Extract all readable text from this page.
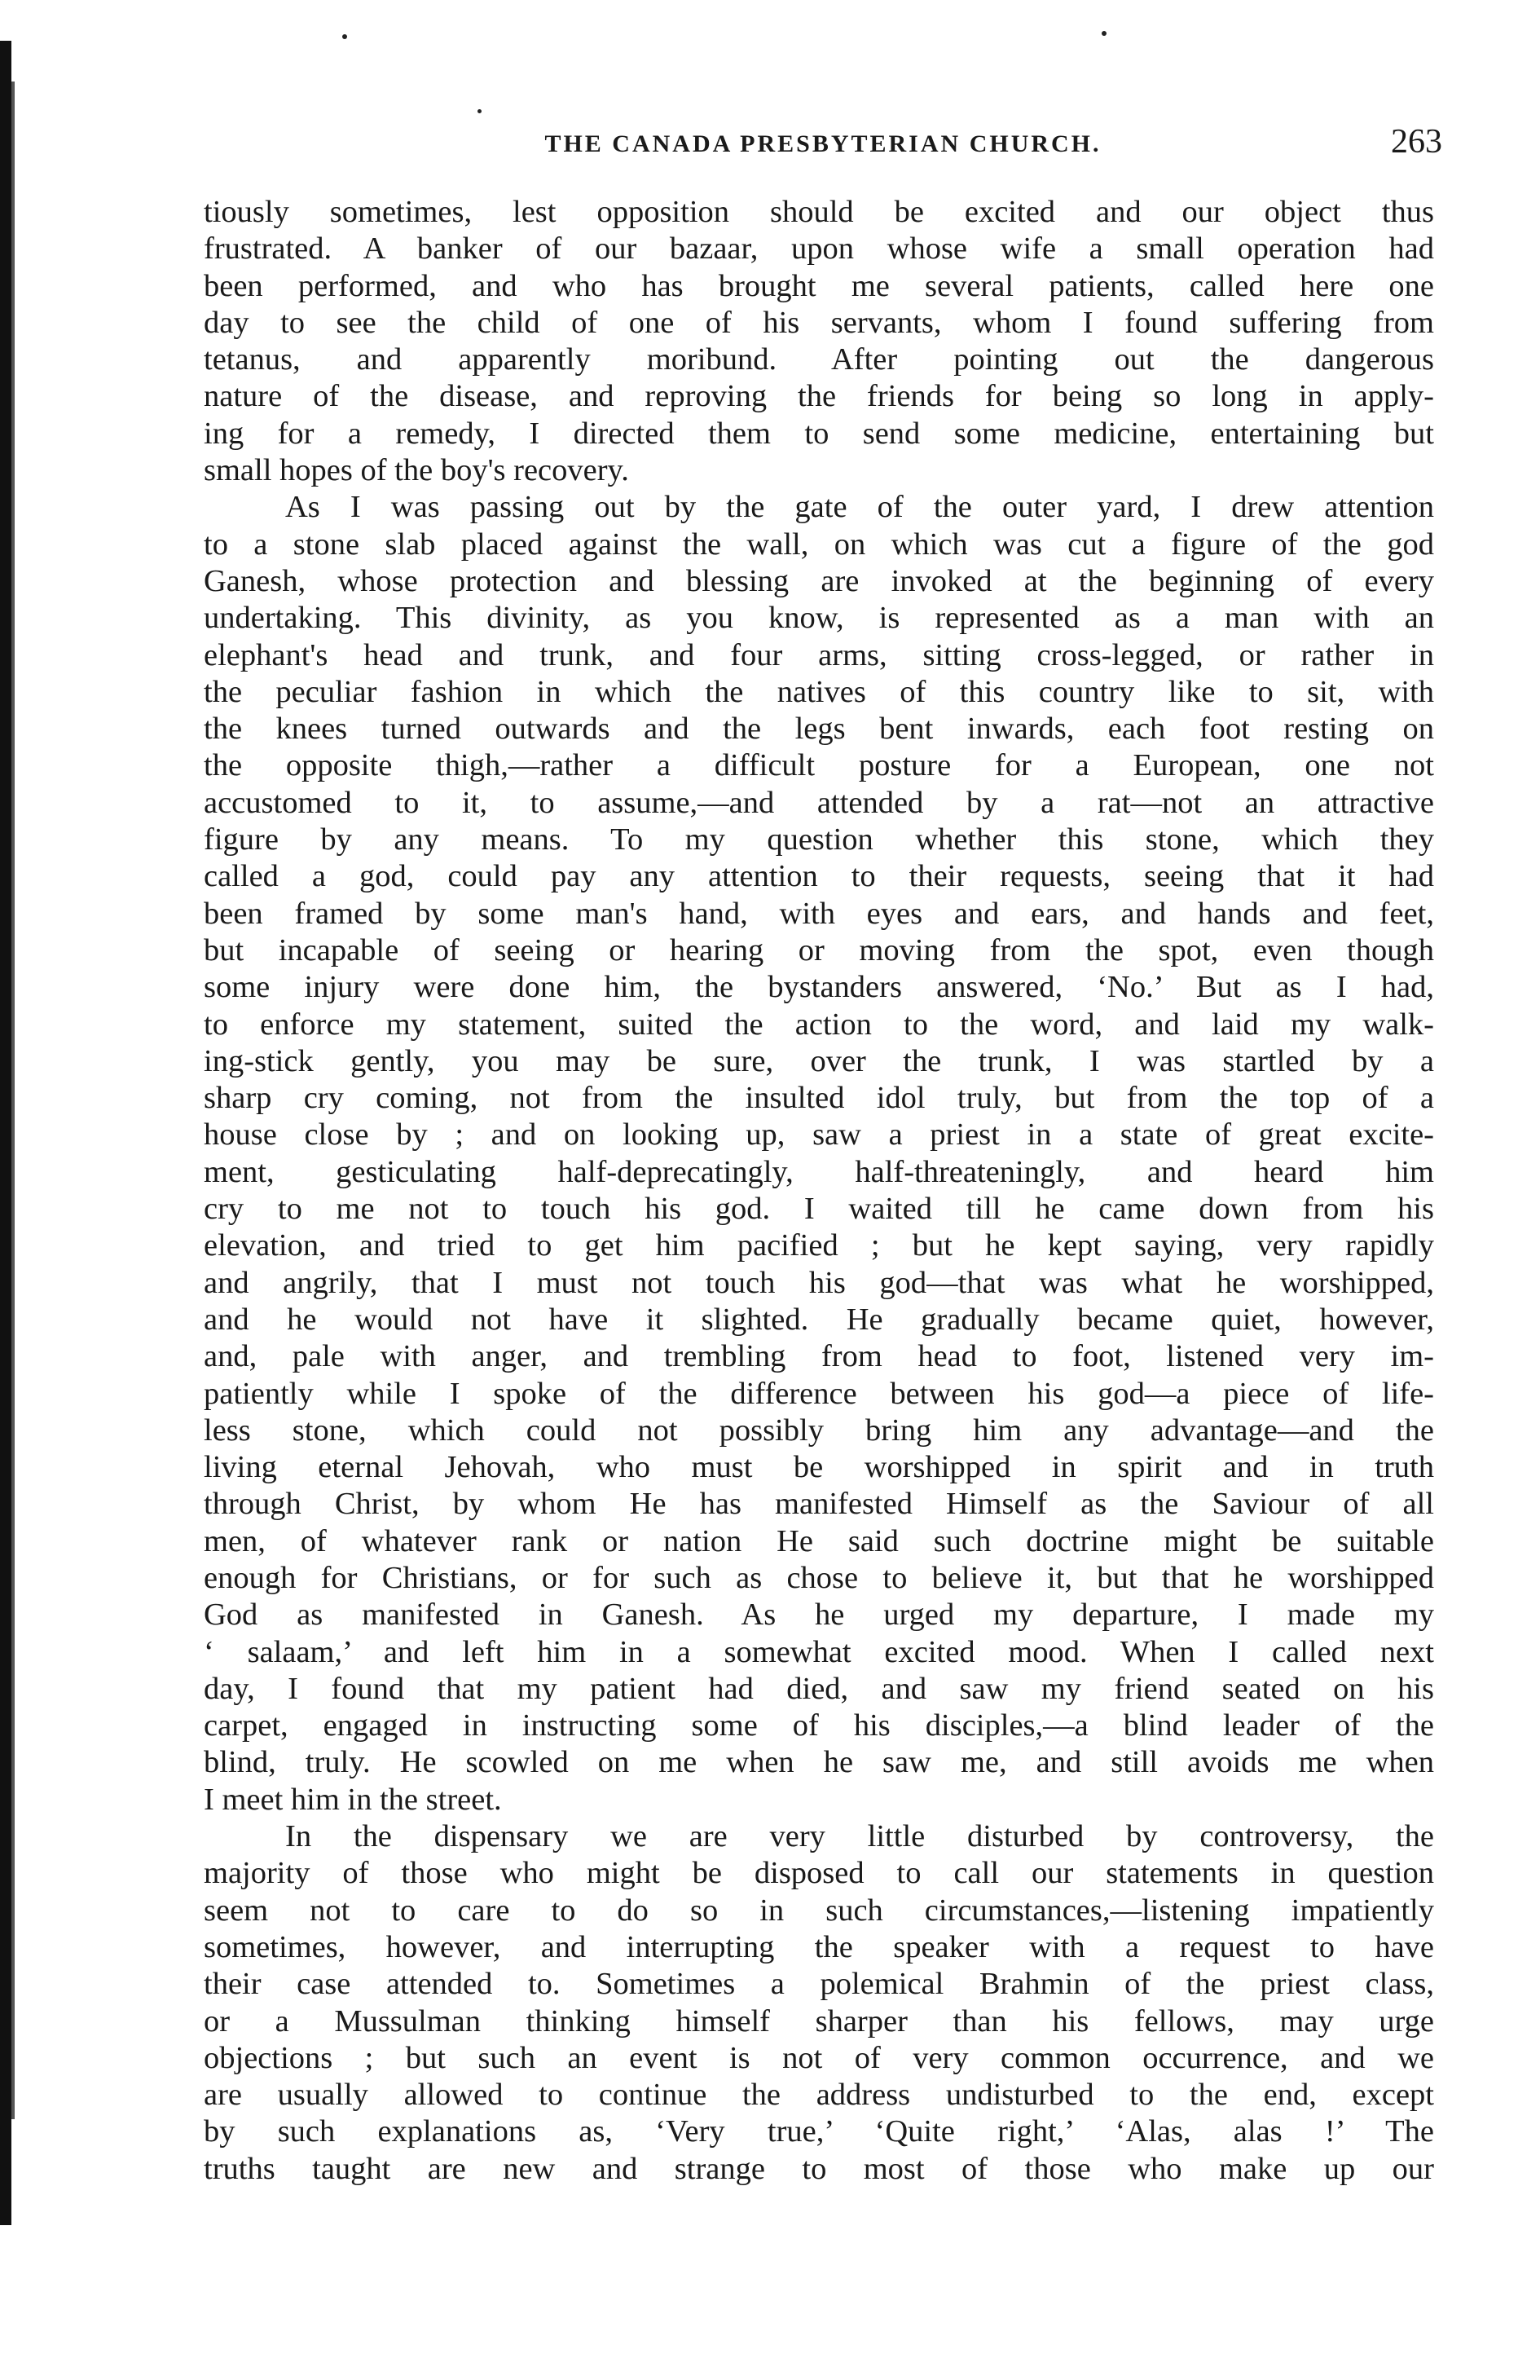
THE CANADA PRESBYTERIAN CHURCH.	263
tiously sometimes, lest opposition should be excited and our object thus
frustrated. A banker of our bazaar, upon whose wife a small operation had
been performed, and who has brought me several patients, called here one
day to see the child of one of his servants, whom I found suffering from
tetanus, and apparently moribund. After pointing out the dangerous
nature of the disease, and reproving the friends for being so long in apply-
ing for a remedy, I directed them to send some medicine, entertaining but
small hopes of the boy's recovery.
As I was passing out by the gate of the outer yard, I drew attention
to a stone slab placed against the wall, on which was cut a figure of the god
Ganesh, whose protection and blessing are invoked at the beginning of every
undertaking. This divinity, as you know, is represented as a man with an
elephant's head and trunk, and four arms, sitting cross-legged, or rather in
the peculiar fashion in which the natives of this country like to sit, with
the knees turned outwards and the legs bent inwards, each foot resting on
the opposite thigh,—rather a difficult posture for a European, one not
accustomed to it, to assume,—and attended by a rat—not an attractive
figure by any means. To my question whether this stone, which they
called a god, could pay any attention to their requests, seeing that it had
been framed by some man's hand, with eyes and ears, and hands and feet,
but incapable of seeing or hearing or moving from the spot, even though
some injury were done him, the bystanders answered, ‘No.’ But as I had,
to enforce my statement, suited the action to the word, and laid my walk-
ing-stick gently, you may be sure, over the trunk, I was startled by a
sharp cry coming, not from the insulted idol truly, but from the top of a
house close by ; and on looking up, saw a priest in a state of great excite-
ment, gesticulating half-deprecatingly, half-threateningly, and heard him
cry to me not to touch his god. I waited till he came down from his
elevation, and tried to get him pacified ; but he kept saying, very rapidly
and angrily, that I must not touch his god—that was what he worshipped,
and he would not have it slighted. He gradually became quiet, however,
and, pale with anger, and trembling from head to foot, listened very im-
patiently while I spoke of the difference between his god—a piece of life-
less stone, which could not possibly bring him any advantage—and the
living eternal Jehovah, who must be worshipped in spirit and in truth
through Christ, by whom He has manifested Himself as the Saviour of all
men, of whatever rank or nation He said such doctrine might be suitable
enough for Christians, or for such as chose to believe it, but that he worshipped
God as manifested in Ganesh. As he urged my departure, I made my
‘ salaam,’ and left him in a somewhat excited mood. When I called next
day, I found that my patient had died, and saw my friend seated on his
carpet, engaged in instructing some of his disciples,—a blind leader of the
blind, truly. He scowled on me when he saw me, and still avoids me when
I meet him in the street.
In the dispensary we are very little disturbed by controversy, the
majority of those who might be disposed to call our statements in question
seem not to care to do so in such circumstances,—listening impatiently
sometimes, however, and interrupting the speaker with a request to have
their case attended to. Sometimes a polemical Brahmin of the priest class,
or a Mussulman thinking himself sharper than his fellows, may urge
objections ; but such an event is not of very common occurrence, and we
are usually allowed to continue the address undisturbed to the end, except
by such explanations as, ‘Very true,’ ‘Quite right,’ ‘Alas, alas !’ The
truths taught are new and strange to most of those who make up our
